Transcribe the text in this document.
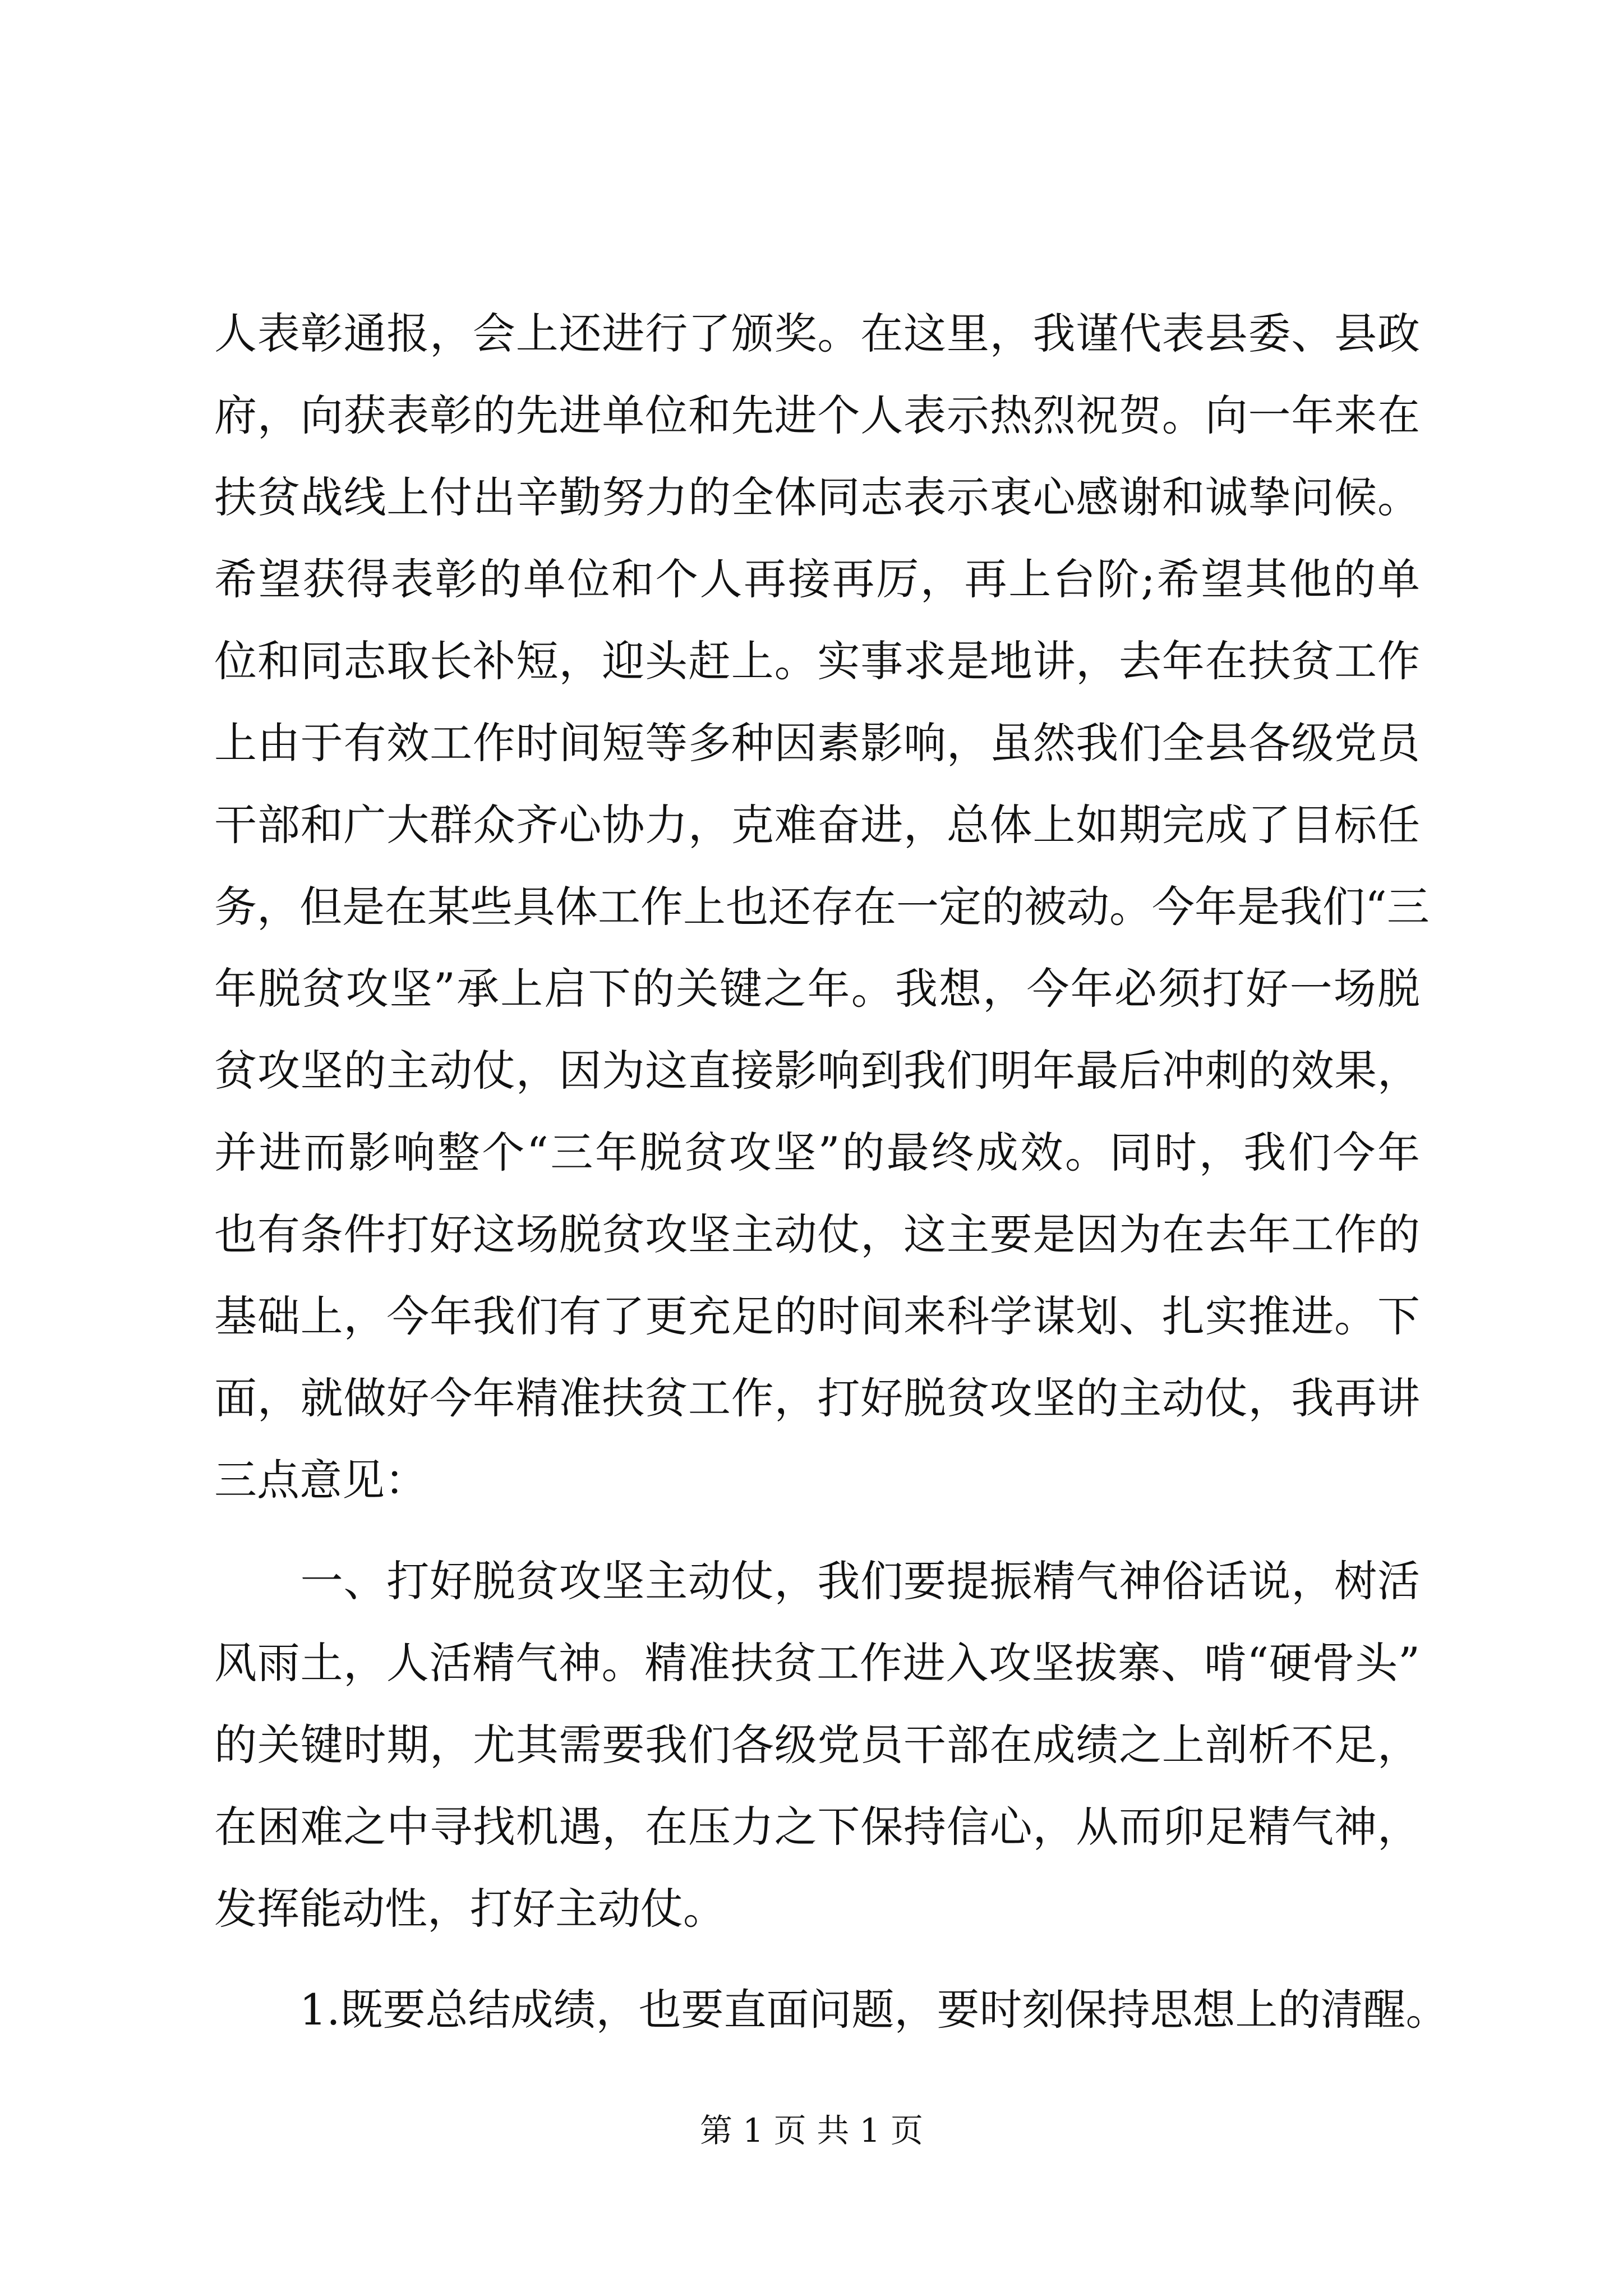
人表彰通报，会上还进行了颁奖。在这里，我谨代表县委、县政
府，向获表彰的先进单位和先进个人表示热烈祝贺。向一年来在
扶贫战线上付出辛勤努力的全体同志表示衷心感谢和诚挚问候。
希望获得表彰的单位和个人再接再厉，再上台阶;希望其他的单
位和同志取长补短，迎头赶上。实事求是地讲，去年在扶贫工作
上由于有效工作时间短等多种因素影响，虽然我们全县各级党员
干部和广大群众齐心协力，克难奋进，总体上如期完成了目标任
务，但是在某些具体工作上也还存在一定的被动。今年是我们“三
年脱贫攻坚”承上启下的关键之年。我想，今年必须打好一场脱
贫攻坚的主动仗，因为这直接影响到我们明年最后冲刺的效果，
并进而影响整个“三年脱贫攻坚”的最终成效。同时，我们今年
也有条件打好这场脱贫攻坚主动仗，这主要是因为在去年工作的
基础上，今年我们有了更充足的时间来科学谋划、扎实推进。下
面，就做好今年精准扶贫工作，打好脱贫攻坚的主动仗，我再讲
三点意见：
　　一、打好脱贫攻坚主动仗，我们要提振精气神俗话说，树活
风雨土，人活精气神。精准扶贫工作进入攻坚拔寨、啃“硬骨头”
的关键时期，尤其需要我们各级党员干部在成绩之上剖析不足，
在困难之中寻找机遇，在压力之下保持信心，从而卯足精气神，
发挥能动性，打好主动仗。
　　1.既要总结成绩，也要直面问题，要时刻保持思想上的清醒。
第 1 页 共 1 页
